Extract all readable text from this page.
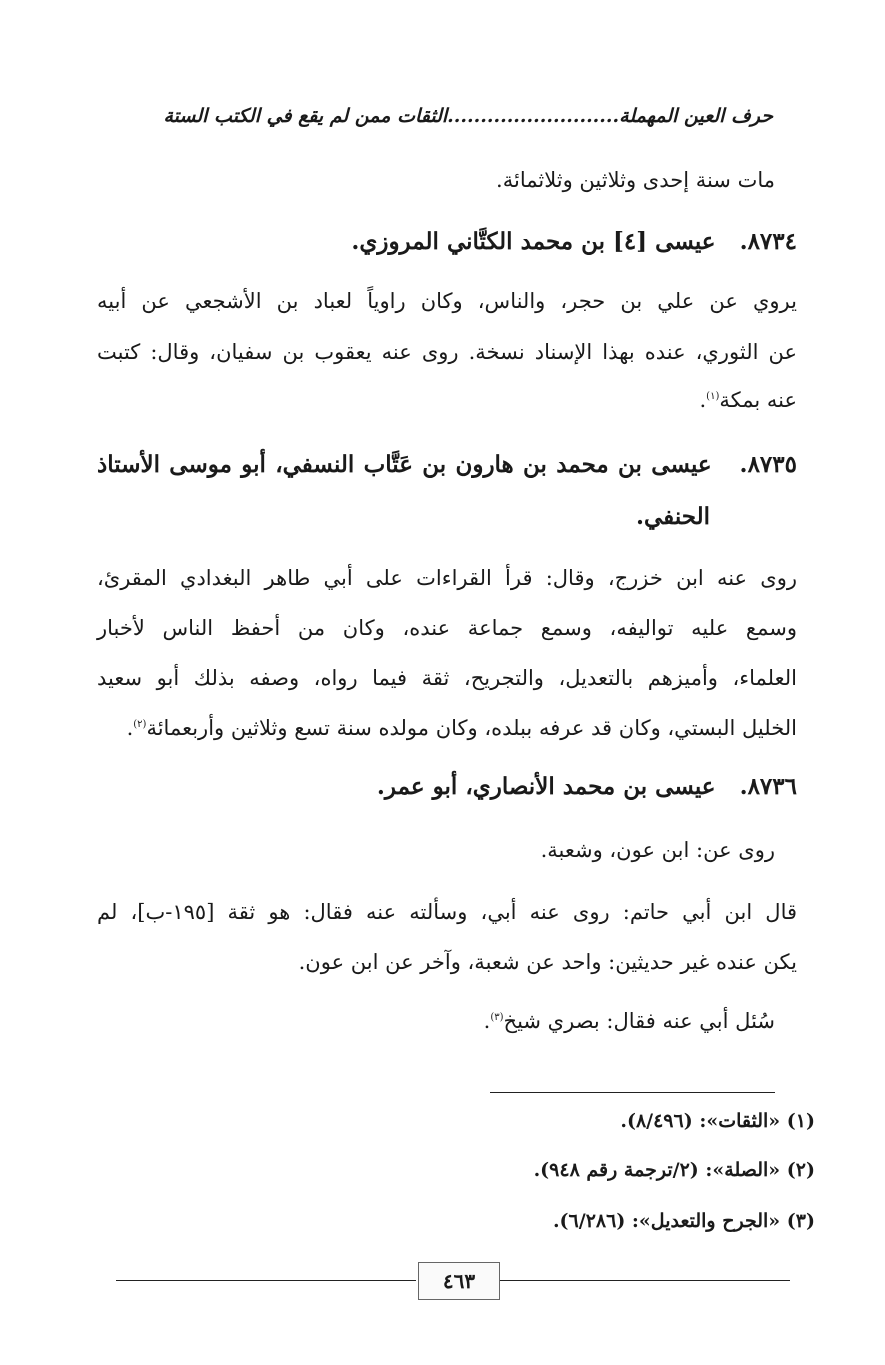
حرف العين المهملة..........................الثقات ممن لم يقع في الكتب الستة
مات سنة إحدى وثلاثين وثلاثمائة.
٨٧٣٤.   عيسى [٤] بن محمد الكتَّاني المروزي.
يروي عن علي بن حجر، والناس، وكان راوياً لعباد بن الأشجعي عن أبيه
عن الثوري، عنده بهذا الإسناد نسخة. روى عنه يعقوب بن سفيان، وقال: كتبت
عنه بمكة$^{(١)}$.
٨٧٣٥.   عيسى بن محمد بن هارون بن عَتَّاب النسفي، أبو موسى الأستاذ
الحنفي.
روى عنه ابن خزرج، وقال: قرأ القراءات على أبي طاهر البغدادي المقرئ،
وسمع عليه تواليفه، وسمع جماعة عنده، وكان من أحفظ الناس لأخبار
العلماء، وأميزهم بالتعديل، والتجريح، ثقة فيما رواه، وصفه بذلك أبو سعيد
الخليل البستي، وكان قد عرفه ببلده، وكان مولده سنة تسع وثلاثين وأربعمائة$^{(٢)}$.
٨٧٣٦.   عيسى بن محمد الأنصاري، أبو عمر.
روى عن: ابن عون، وشعبة.
قال ابن أبي حاتم: روى عنه أبي، وسألته عنه فقال: هو ثقة [١٩٥-ب]، لم
يكن عنده غير حديثين: واحد عن شعبة، وآخر عن ابن عون.
سُئل أبي عنه فقال: بصري شيخ$^{(٣)}$.
(١) «الثقات»: (٨/٤٩٦).
(٢) «الصلة»: (٢/ترجمة رقم ٩٤٨).
(٣) «الجرح والتعديل»: (٦/٢٨٦).
٤٦٣
